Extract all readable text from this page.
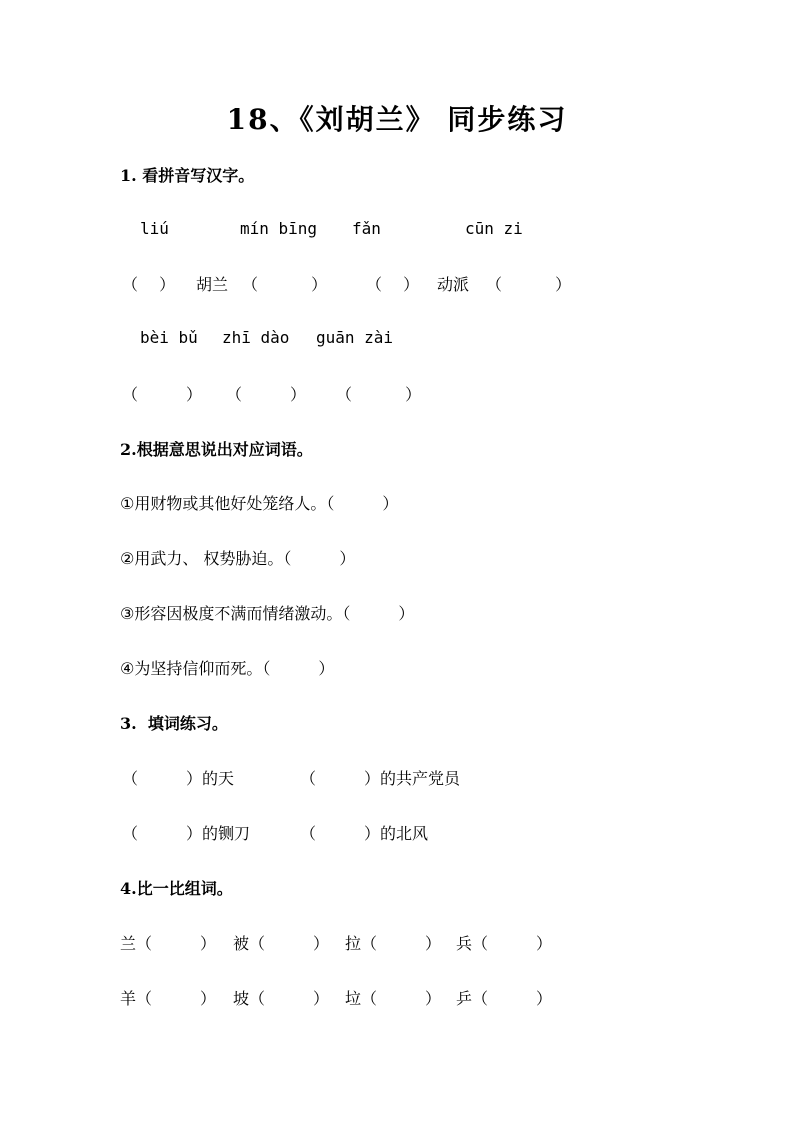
18、《刘胡兰》 同步练习
1. 看拼音写汉字。
liú	mín bīng fǎn	cūn zi
（　 ） 胡兰 （　　　 ） （　 ） 动派 （　　　 ）
bèi bǔ zhī dào guān zài
（　　　） （　　　） （　　　 ）
2.根据意思说出对应词语。
①用财物或其他好处笼络人。（　　　）
②用武力、 权势胁迫。（　　　）
③形容因极度不满而情绪激动。（　　　）
④为坚持信仰而死。（　　　）
3.  填词练习。
（　　　）的天	（　　　）的共产党员
（　　　）的铡刀	（　　　）的北风
4.比一比组词。
兰（　　　） 被（　　　） 拉（　　　） 兵（　　　）
羊（　　　） 坡（　　　） 垃（　　　） 乒（　　　）
